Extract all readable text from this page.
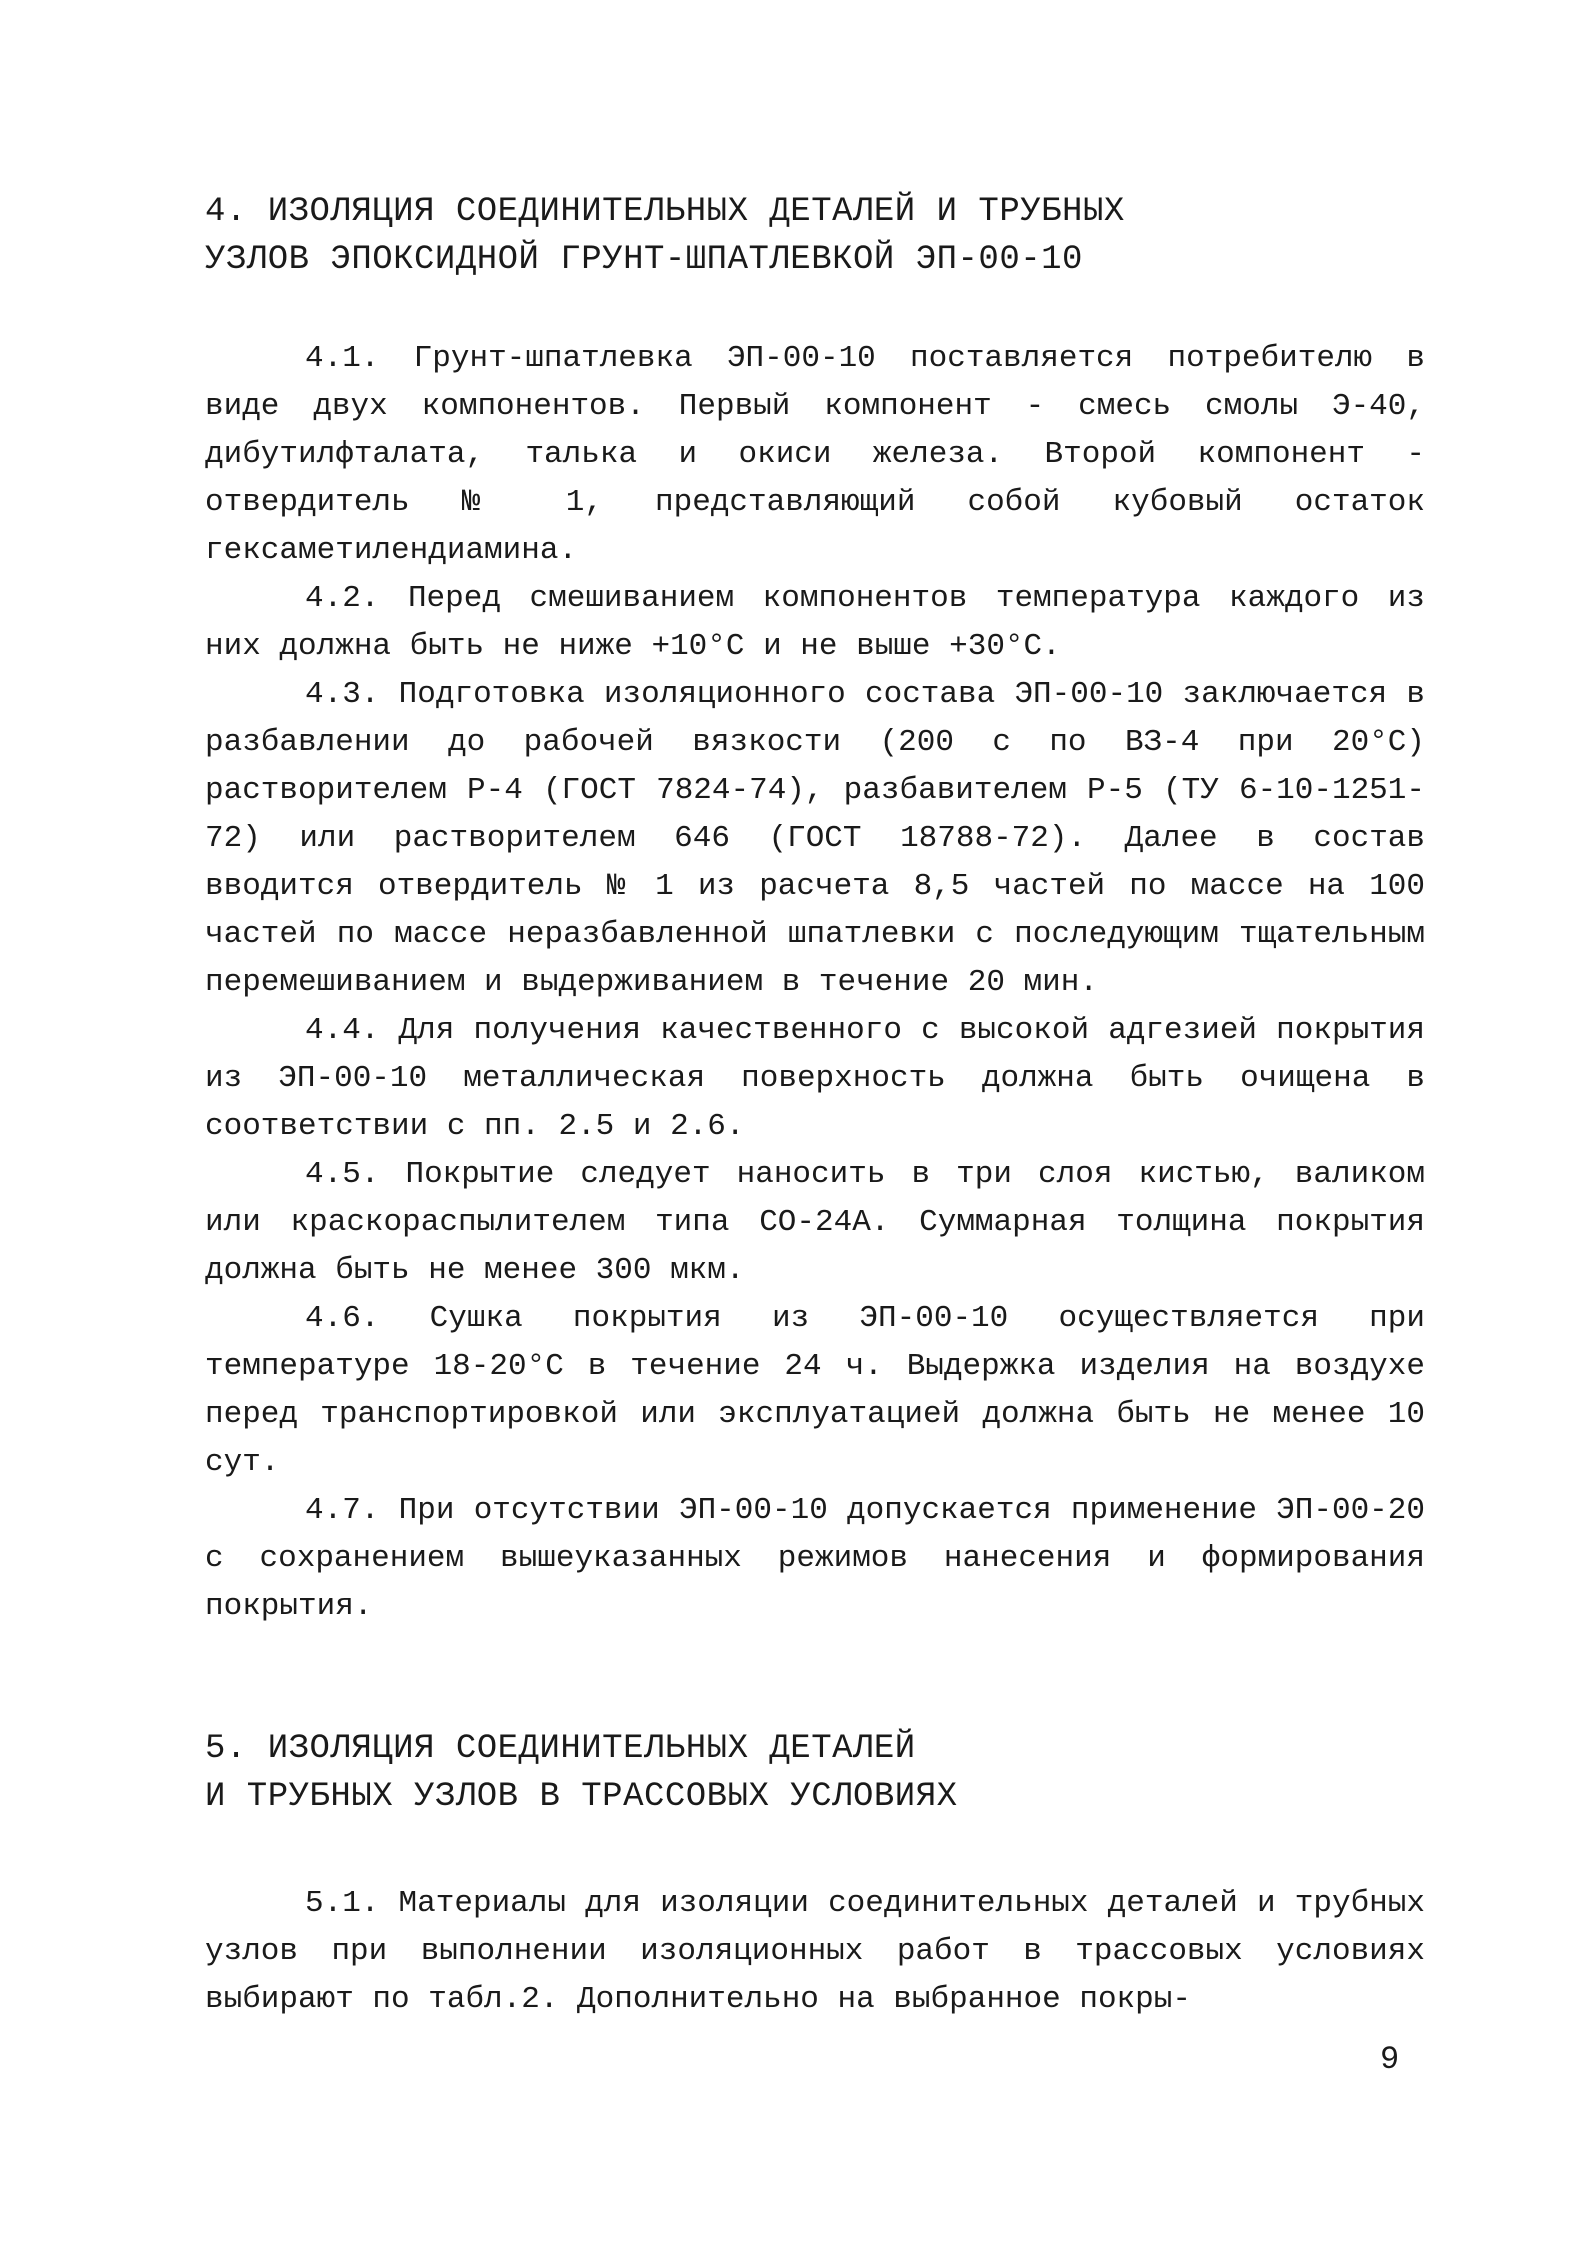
4. ИЗОЛЯЦИЯ СОЕДИНИТЕЛЬНЫХ ДЕТАЛЕЙ И ТРУБНЫХ
УЗЛОВ ЭПОКСИДНОЙ ГРУНТ-ШПАТЛЕВКОЙ ЭП-00-10

4.1. Грунт-шпатлевка ЭП-00-10 поставляется потребителю в виде двух компонентов. Первый компонент - смесь смолы Э-40, дибутилфталата, талька и окиси железа. Второй компонент - отвердитель № 1, представляющий собой кубовый остаток гексаметилендиамина.

4.2. Перед смешиванием компонентов температура каждого из них должна быть не ниже +10°С и не выше +30°С.

4.3. Подготовка изоляционного состава ЭП-00-10 заключается в разбавлении до рабочей вязкости (200 с по ВЗ-4 при 20°С) растворителем Р-4 (ГОСТ 7824-74), разбавителем Р-5 (ТУ 6-10-1251-72) или растворителем 646 (ГОСТ 18788-72). Далее в состав вводится отвердитель № 1 из расчета 8,5 частей по массе на 100 частей по массе неразбавленной шпатлевки с последующим тщательным перемешиванием и выдерживанием в течение 20 мин.

4.4. Для получения качественного с высокой адгезией покрытия из ЭП-00-10 металлическая поверхность должна быть очищена в соответствии с пп. 2.5 и 2.6.

4.5. Покрытие следует наносить в три слоя кистью, валиком или краскораспылителем типа СО-24А. Суммарная толщина покрытия должна быть не менее 300 мкм.

4.6. Сушка покрытия из ЭП-00-10 осуществляется при температуре 18-20°С в течение 24 ч. Выдержка изделия на воздухе перед транспортировкой или эксплуатацией должна быть не менее 10 сут.

4.7. При отсутствии ЭП-00-10 допускается применение ЭП-00-20 с сохранением вышеуказанных режимов нанесения и формирования покрытия.

5. ИЗОЛЯЦИЯ СОЕДИНИТЕЛЬНЫХ ДЕТАЛЕЙ
И ТРУБНЫХ УЗЛОВ В ТРАССОВЫХ УСЛОВИЯХ

5.1. Материалы для изоляции соединительных деталей и трубных узлов при выполнении изоляционных работ в трассовых условиях выбирают по табл.2. Дополнительно на выбранное покры-

9
